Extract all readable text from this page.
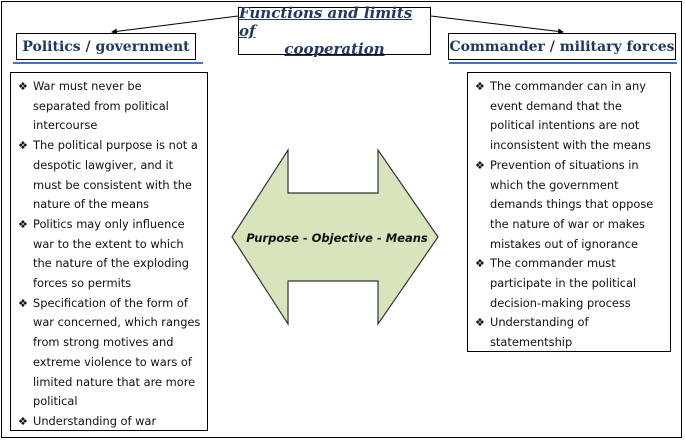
Functions and limits of
cooperation
Politics / government	Commander / military forces
❖ War must never be separated from political intercourse
❖ The political purpose is not a despotic lawgiver, and it must be consistent with the nature of the means
❖ Politics may only influence war to the extent to which the nature of the exploding forces so permits
❖ Specification of the form of war concerned, which ranges from strong motives and extreme violence to wars of limited nature that are more political
❖ Understanding of war
❖ The commander can in any event demand that the political intentions are not inconsistent with the means
❖ Prevention of situations in which the government demands things that oppose the nature of war or makes mistakes out of ignorance
❖ The commander must participate in the political decision-making process
❖ Understanding of statementship
Purpose - Objective - Means
